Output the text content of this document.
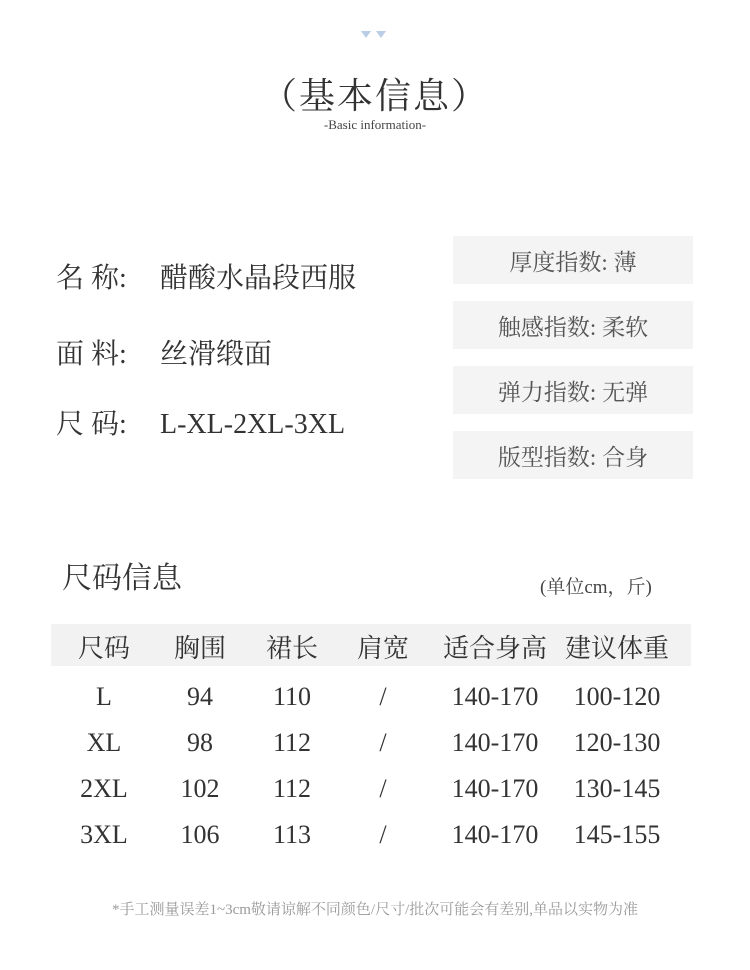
（基本信息）
-Basic information-
名 称: 醋酸水晶段西服
面 料: 丝滑缎面
尺 码: L-XL-2XL-3XL
厚度指数:
薄
触感指数:
柔软
弹力指数:
无弹
版型指数:
合身
尺码信息	(单位cm，斤)
尺码	胸围	裙长	肩宽	适合身高 建议体重
L	94	110	/	140-170	100-120
XL	98	112	/	140-170	120-130
2XL	102	112	/	140-170	130-145
3XL	106	113	/	140-170	145-155
*手工测量误差1~3cm敬请谅解不同颜色/尺寸/批次可能会有差别,单品以实物为准
